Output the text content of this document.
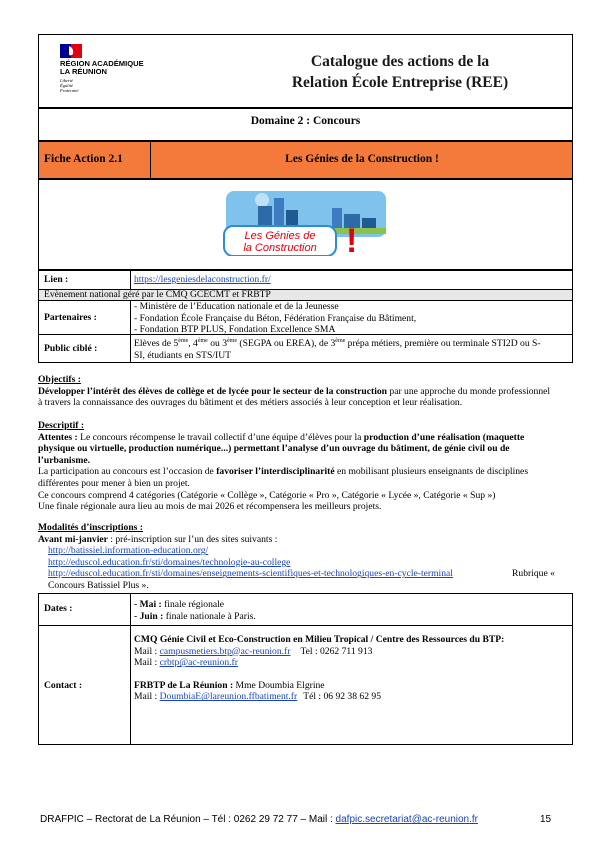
RÉGION ACADÉMIQUE
LA RÉUNION
Liberté
Égalité
Fraternité
Catalogue des actions de la
Relation École Entreprise (REE)
Domaine 2 : Concours
Fiche Action 2.1	Les Génies de la Construction !
Les Génies de
la Construction !
Lien :	https://lesgeniesdelaconstruction.fr/
Evènement national géré par le CMQ GCECMT et FRBTP
Partenaires :
- Ministère de l’Education nationale et de la Jeunesse
- Fondation École Française du Béton, Fédération Française du Bâtiment,
- Fondation BTP PLUS, Fondation Excellence SMA
Public ciblé :	Elèves de 5ème, 4ème ou 3ème (SEGPA ou EREA), de 3ème prépa métiers, première ou terminale STI2D ou S-
SI, étudiants en STS/IUT
Objectifs :
Développer l’intérêt des élèves de collège et de lycée pour le secteur de la construction par une approche du monde professionnel
à travers la connaissance des ouvrages du bâtiment et des métiers associés à leur conception et leur réalisation.
Descriptif :
Attentes : Le concours récompense le travail collectif d’une équipe d’élèves pour la production d’une réalisation (maquette
physique ou virtuelle, production numérique...) permettant l’analyse d’un ouvrage du bâtiment, de génie civil ou de
l’urbanisme.
La participation au concours est l’occasion de favoriser l’interdisciplinarité en mobilisant plusieurs enseignants de disciplines
différentes pour mener à bien un projet.
Ce concours comprend 4 catégories (Catégorie « Collège », Catégorie « Pro », Catégorie « Lycée », Catégorie « Sup »)
Une finale régionale aura lieu au mois de mai 2026 et récompensera les meilleurs projets.
Modalités d’inscriptions :
Avant mi-janvier : pré-inscription sur l’un des sites suivants :
http://batissiel.information-education.org/
http://eduscol.education.fr/sti/domaines/technologie-au-college
http://eduscol.education.fr/sti/domaines/enseignements-scientifiques-et-technologiques-en-cycle-terminal	Rubrique «
Concours Batissiel Plus ».
Dates :	- Mai : finale régionale
- Juin : finale nationale à Paris.
Contact :
CMQ Génie Civil et Eco-Construction en Milieu Tropical / Centre des Ressources du BTP:
Mail : campusmetiers.btp@ac-reunion.fr Tel : 0262 711 913
Mail : crbtp@ac-reunion.fr
FRBTP de La Réunion : Mme Doumbia Elgrine
Mail : DoumbiaE@lareunion.ffbatiment.fr Tél : 06 92 38 62 95
DRAFPIC – Rectorat de La Réunion – Tél : 0262 29 72 77 – Mail : dafpic.secretariat@ac-reunion.fr	15
